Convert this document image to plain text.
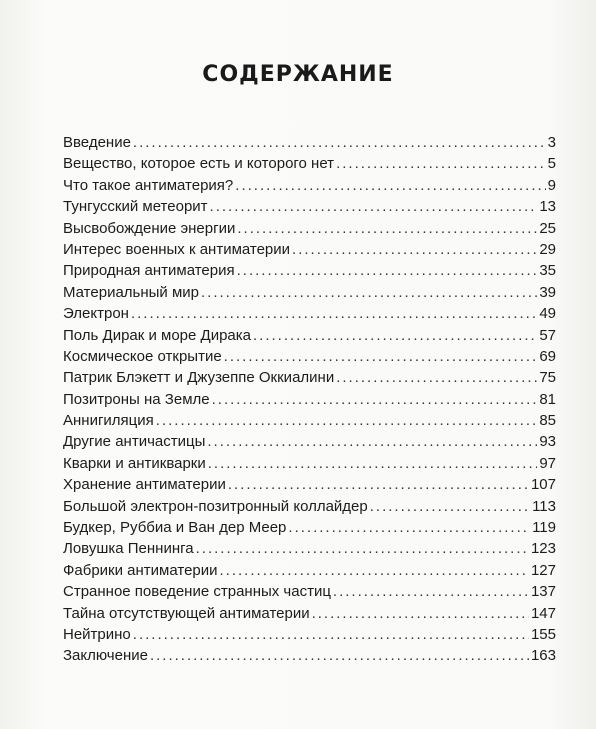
СОДЕРЖАНИЕ
Введение .....	3
Вещество, которое есть и которого нет .....	5
Что такое антиматерия? .....	9
Тунгусский метеорит .....	13
Высвобождение энергии .....	25
Интерес военных к антиматерии .....	29
Природная антиматерия .....	35
Материальный мир .....	39
Электрон .....	49
Поль Дирак и море Дирака .....	57
Космическое открытие .....	69
Патрик Блэкетт и Джузеппе Оккиалини .....	75
Позитроны на Земле .....	81
Аннигиляция .....	85
Другие античастицы .....	93
Кварки и антикварки .....	97
Хранение антиматерии .....	107
Большой электрон-позитронный коллайдер .....	113
Будкер, Руббиа и Ван дер Меер .....	119
Ловушка Пеннинга .....	123
Фабрики антиматерии .....	127
Странное поведение странных частиц .....	137
Тайна отсутствующей антиматерии .....	147
Нейтрино .....	155
Заключение .....	163
